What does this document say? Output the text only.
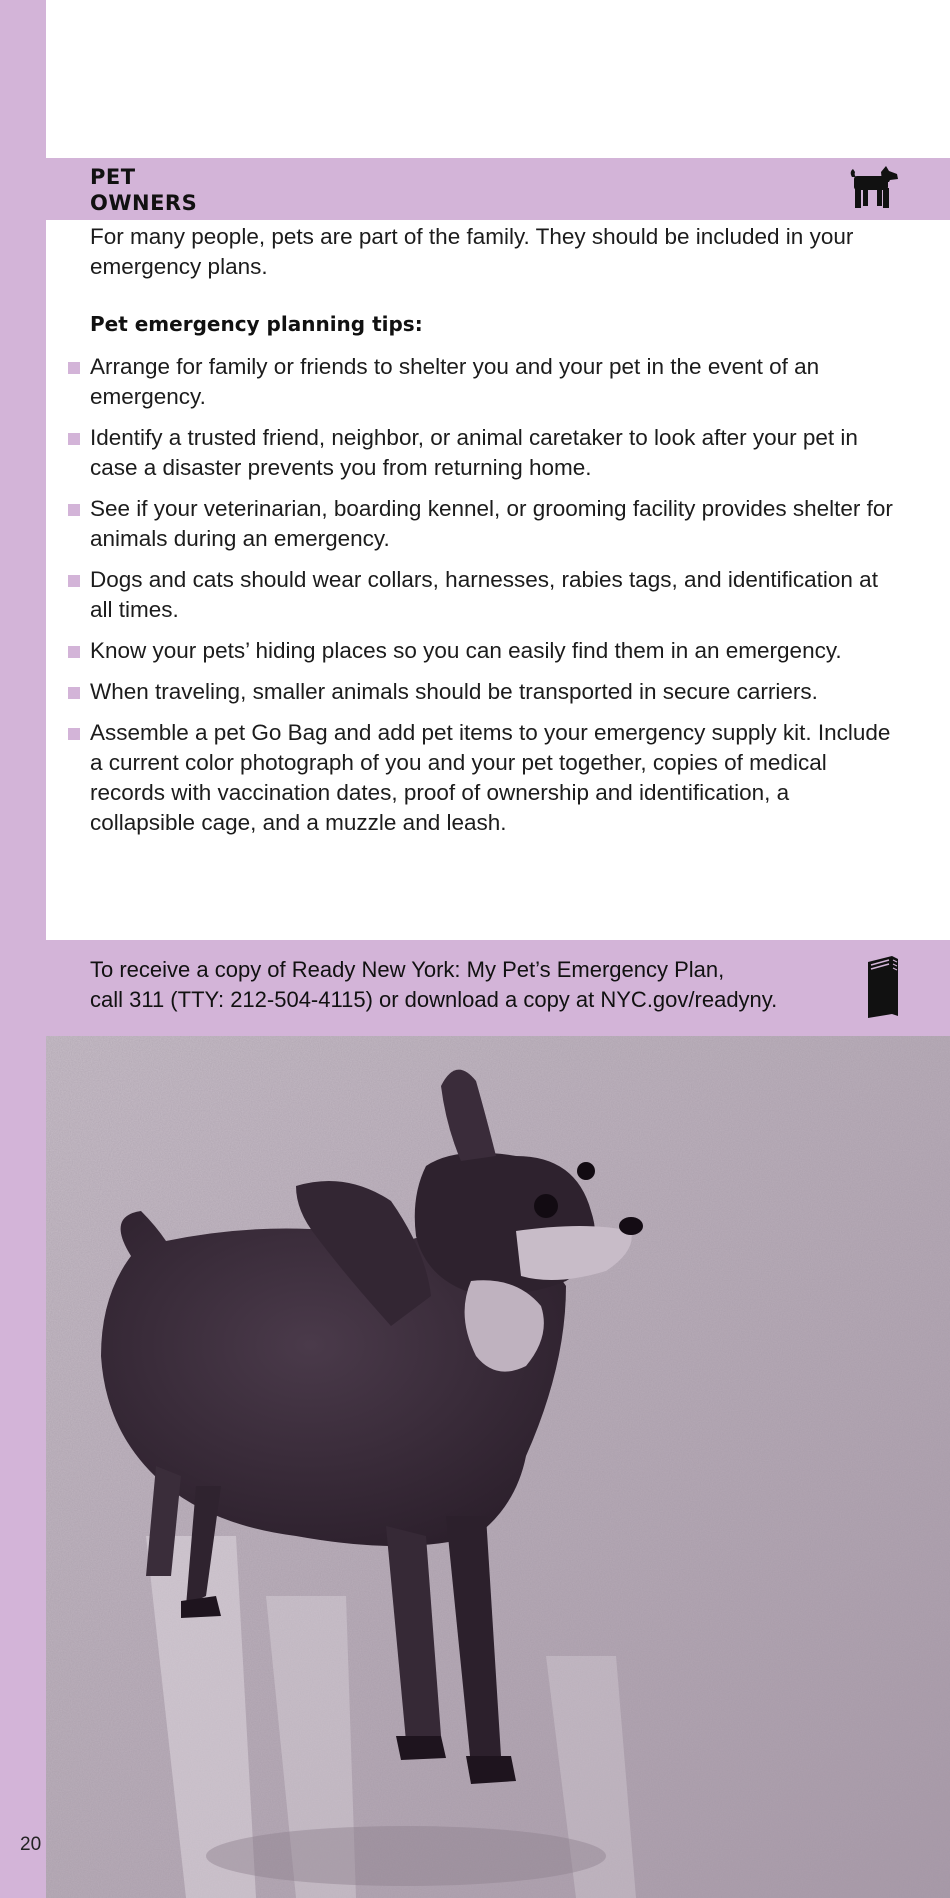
20
PET
OWNERS

For many people, pets are part of the family. They should be included in your emergency plans.

Pet emergency planning tips:
Arrange for family or friends to shelter you and your pet in the event of an emergency.
Identify a trusted friend, neighbor, or animal caretaker to look after your pet in case a disaster prevents you from returning home.
See if your veterinarian, boarding kennel, or grooming facility provides shelter for animals during an emergency.
Dogs and cats should wear collars, harnesses, rabies tags, and identification at all times.
Know your pets’ hiding places so you can easily find them in an emergency.
When traveling, smaller animals should be transported in secure carriers.
Assemble a pet Go Bag and add pet items to your emergency supply kit. Include a current color photograph of you and your pet together, copies of medical records with vaccination dates, proof of ownership and identification, a collapsible cage, and a muzzle and leash.

To receive a copy of Ready New York: My Pet’s Emergency Plan,
call 311 (TTY: 212-504-4115) or download a copy at NYC.gov/readyny.
